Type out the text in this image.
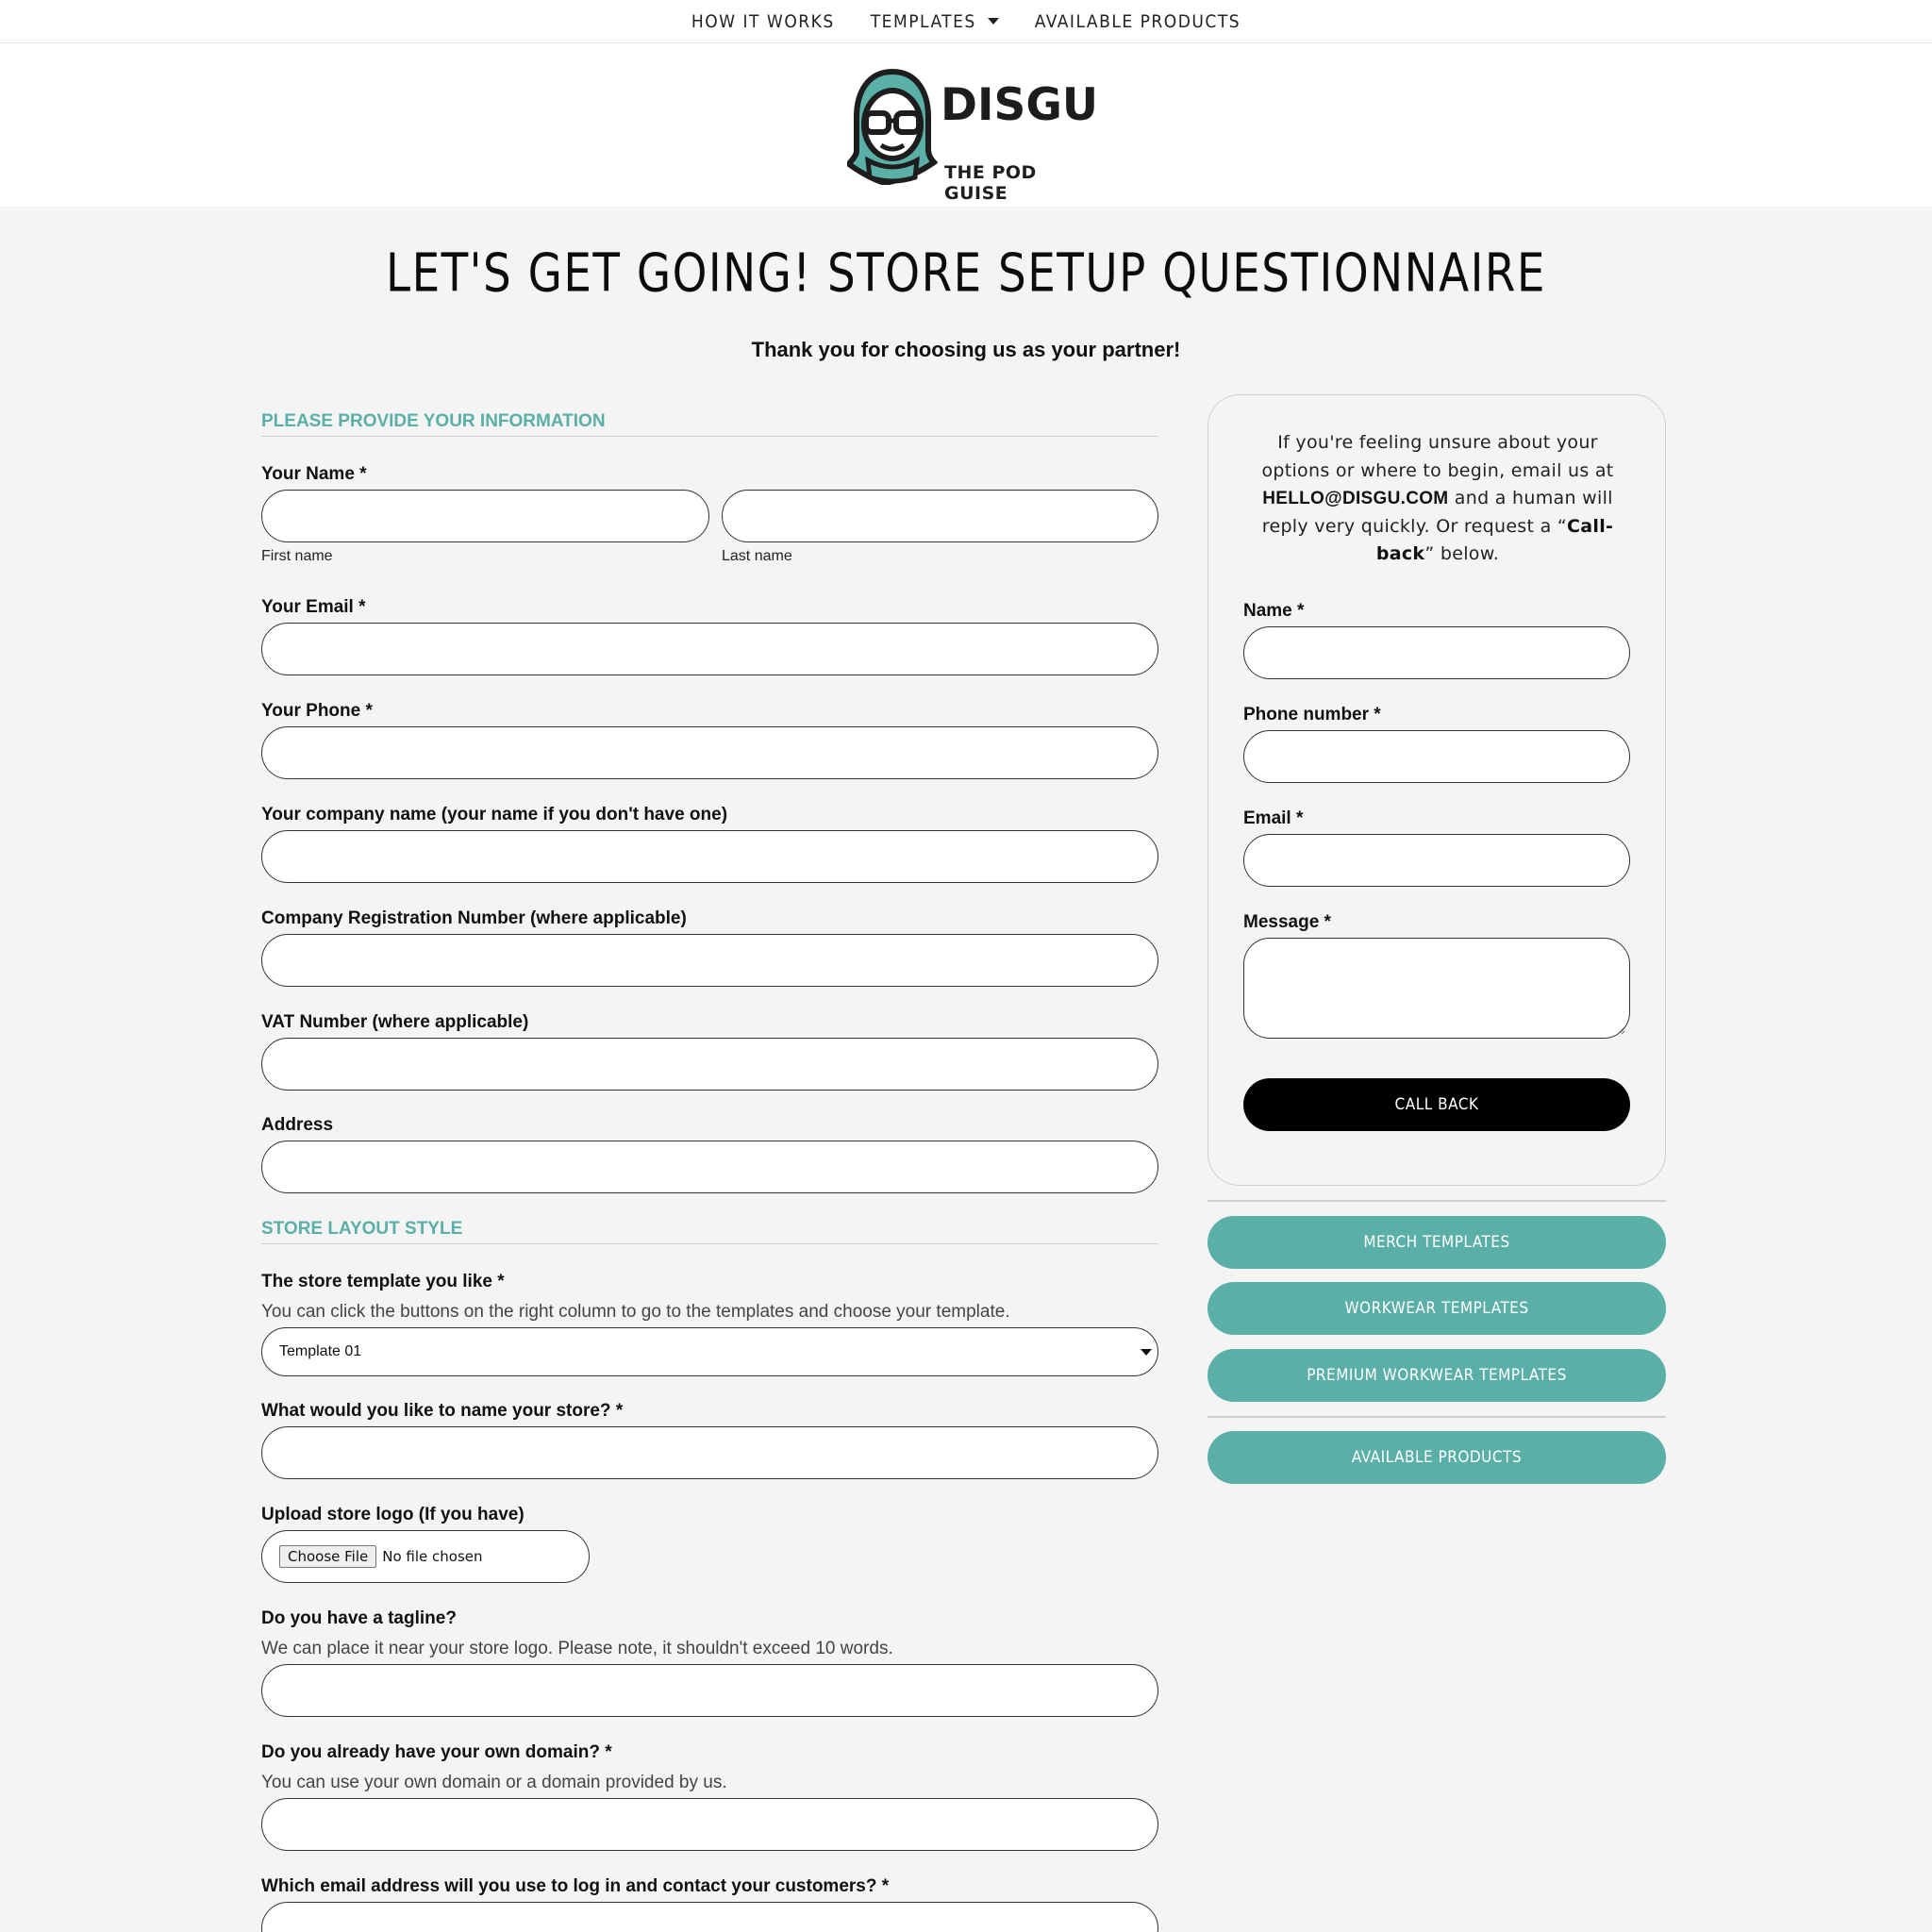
HOW IT WORKS TEMPLATES	AVAILABLE PRODUCTS
DISGU
THE POD GUISE
LET'S GET GOING! STORE SETUP QUESTIONNAIRE
Thank you for choosing us as your partner!
PLEASE PROVIDE YOUR INFORMATION
Your Name *
First name	Last name
Your Email *
Your Phone *
Your company name (your name if you don't have one)
Company Registration Number (where applicable)
VAT Number (where applicable)
Address
STORE LAYOUT STYLE
The store template you like *
You can click the buttons on the right column to go to the templates and choose your template.
Template 01
What would you like to name your store? *
Upload store logo (If you have)
Choose File	No file chosen
Do you have a tagline?
We can place it near your store logo. Please note, it shouldn't exceed 10 words.
Do you already have your own domain? *
You can use your own domain or a domain provided by us.
Which email address will you use to log in and contact your customers? *
If you're feeling unsure about your options or where to begin, email us at HELLO@DISGU.COM and a human will reply very quickly. Or request a “Call-back” below.
Name *
Phone number *
Email *
Message *
CALL BACK
MERCH TEMPLATES
WORKWEAR TEMPLATES
PREMIUM WORKWEAR TEMPLATES
AVAILABLE PRODUCTS
